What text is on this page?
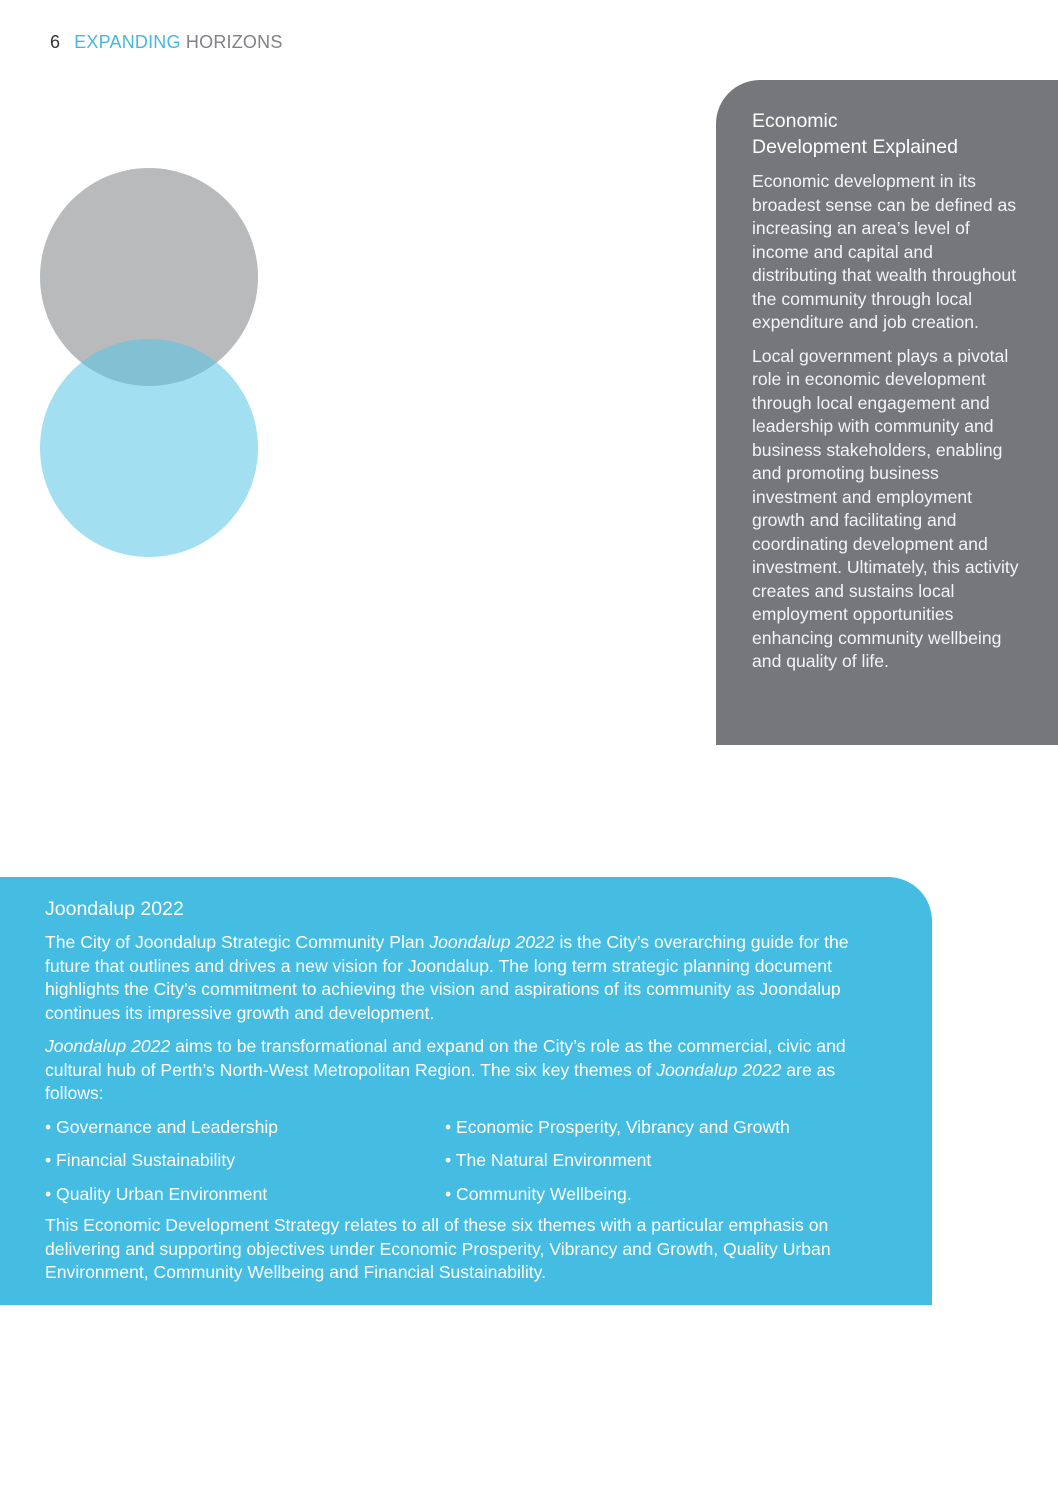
6 EXPANDING HORIZONS
Economic
Development Explained

Economic development in its broadest sense can be defined as increasing an area’s level of income and capital and distributing that wealth throughout the community through local expenditure and job creation.

Local government plays a pivotal role in economic development through local engagement and leadership with community and business stakeholders, enabling and promoting business investment and employment growth and facilitating and coordinating development and investment. Ultimately, this activity creates and sustains local employment opportunities enhancing community wellbeing and quality of life.

Joondalup 2022

The City of Joondalup Strategic Community Plan Joondalup 2022 is the City’s overarching guide for the future that outlines and drives a new vision for Joondalup. The long term strategic planning document highlights the City’s commitment to achieving the vision and aspirations of its community as Joondalup continues its impressive growth and development.

Joondalup 2022 aims to be transformational and expand on the City’s role as the commercial, civic and cultural hub of Perth’s North-West Metropolitan Region. The six key themes of Joondalup 2022 are as follows:

• Governance and Leadership	• Economic Prosperity, Vibrancy and Growth
• Financial Sustainability	• The Natural Environment
• Quality Urban Environment	• Community Wellbeing.

This Economic Development Strategy relates to all of these six themes with a particular emphasis on delivering and supporting objectives under Economic Prosperity, Vibrancy and Growth, Quality Urban Environment, Community Wellbeing and Financial Sustainability.
